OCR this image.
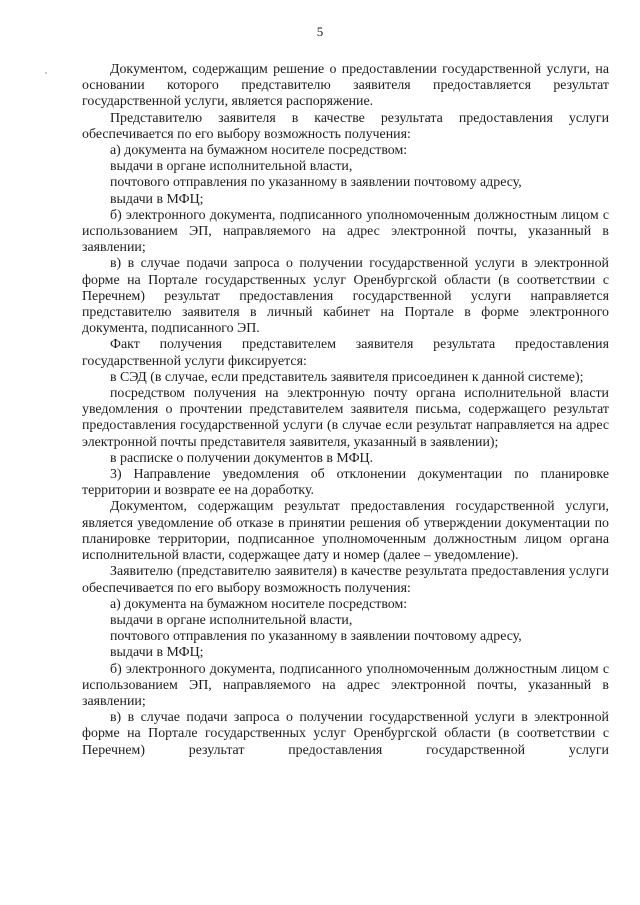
5

Документом, содержащим решение о предоставлении государственной услуги, на основании которого представителю заявителя предоставляется результат государственной услуги, является распоряжение.

Представителю заявителя в качестве результата предоставления услуги обеспечивается по его выбору возможность получения:

а) документа на бумажном носителе посредством:

выдачи в органе исполнительной власти,

почтового отправления по указанному в заявлении почтовому адресу,

выдачи в МФЦ;

б) электронного документа, подписанного уполномоченным должностным лицом с использованием ЭП, направляемого на адрес электронной почты, указанный в заявлении;

в) в случае подачи запроса о получении государственной услуги в электронной форме на Портале государственных услуг Оренбургской области (в соответствии с Перечнем) результат предоставления государственной услуги направляется представителю заявителя в личный кабинет на Портале в форме электронного документа, подписанного ЭП.

Факт получения представителем заявителя результата предоставления государственной услуги фиксируется:

в СЭД (в случае, если представитель заявителя присоединен к данной системе);

посредством получения на электронную почту органа исполнительной власти уведомления о прочтении представителем заявителя письма, содержащего результат предоставления государственной услуги (в случае если результат направляется на адрес электронной почты представителя заявителя, указанный в заявлении);

в расписке о получении документов в МФЦ.

3) Направление уведомления об отклонении документации по планировке территории и возврате ее на доработку.

Документом, содержащим результат предоставления государственной услуги, является уведомление об отказе в принятии решения об утверждении документации по планировке территории, подписанное уполномоченным должностным лицом органа исполнительной власти, содержащее дату и номер (далее – уведомление).

Заявителю (представителю заявителя) в качестве результата предоставления услуги обеспечивается по его выбору возможность получения:

а) документа на бумажном носителе посредством:

выдачи в органе исполнительной власти,

почтового отправления по указанному в заявлении почтовому адресу,

выдачи в МФЦ;

б) электронного документа, подписанного уполномоченным должностным лицом с использованием ЭП, направляемого на адрес электронной почты, указанный в заявлении;

в) в случае подачи запроса о получении государственной услуги в электронной форме на Портале государственных услуг Оренбургской области (в соответствии с Перечнем) результат предоставления государственной услуги
